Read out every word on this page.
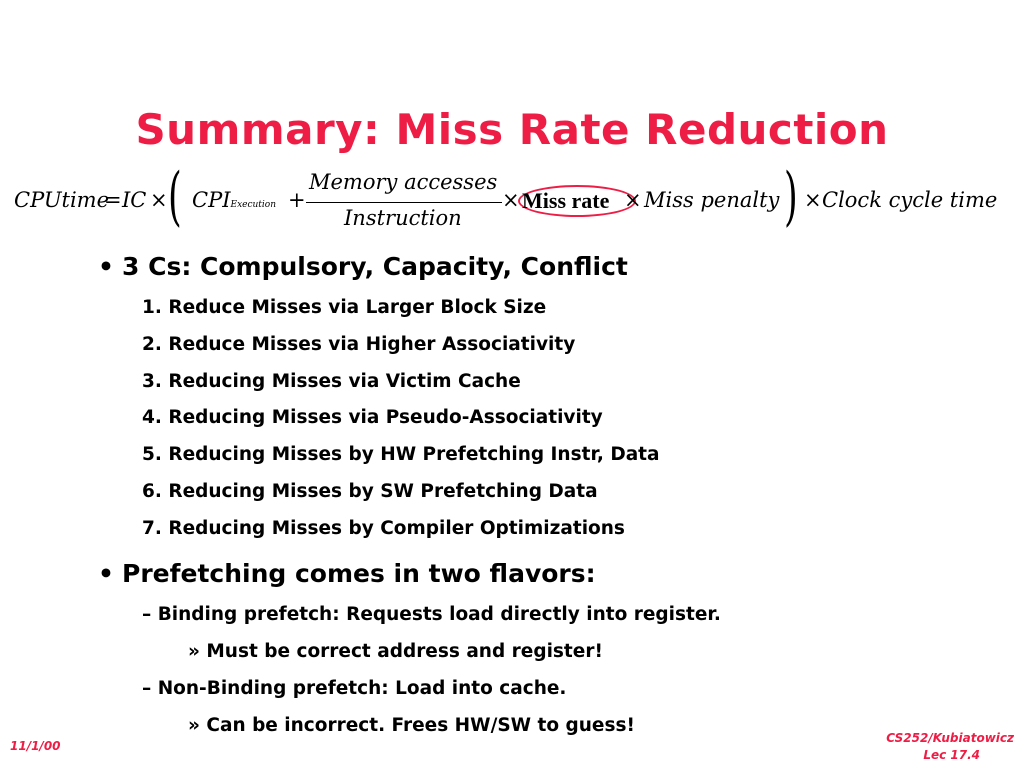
Summary: Miss Rate Reduction
CPUtime
= IC × ( CPIExecution +
Memory accesses
Instruction
× Miss rate × Miss penalty ) × Clock cycle time
• 3 Cs: Compulsory, Capacity, Conflict
1. Reduce Misses via Larger Block Size
2. Reduce Misses via Higher Associativity
3. Reducing Misses via Victim Cache
4. Reducing Misses via Pseudo-Associativity
5. Reducing Misses by HW Prefetching Instr, Data
6. Reducing Misses by SW Prefetching Data
7. Reducing Misses by Compiler Optimizations
• Prefetching comes in two flavors:
– Binding prefetch: Requests load directly into register.
» Must be correct address and register!
– Non-Binding prefetch: Load into cache.
» Can be incorrect. Frees HW/SW to guess!
11/1/00
CS252/Kubiatowicz
Lec 17.4
